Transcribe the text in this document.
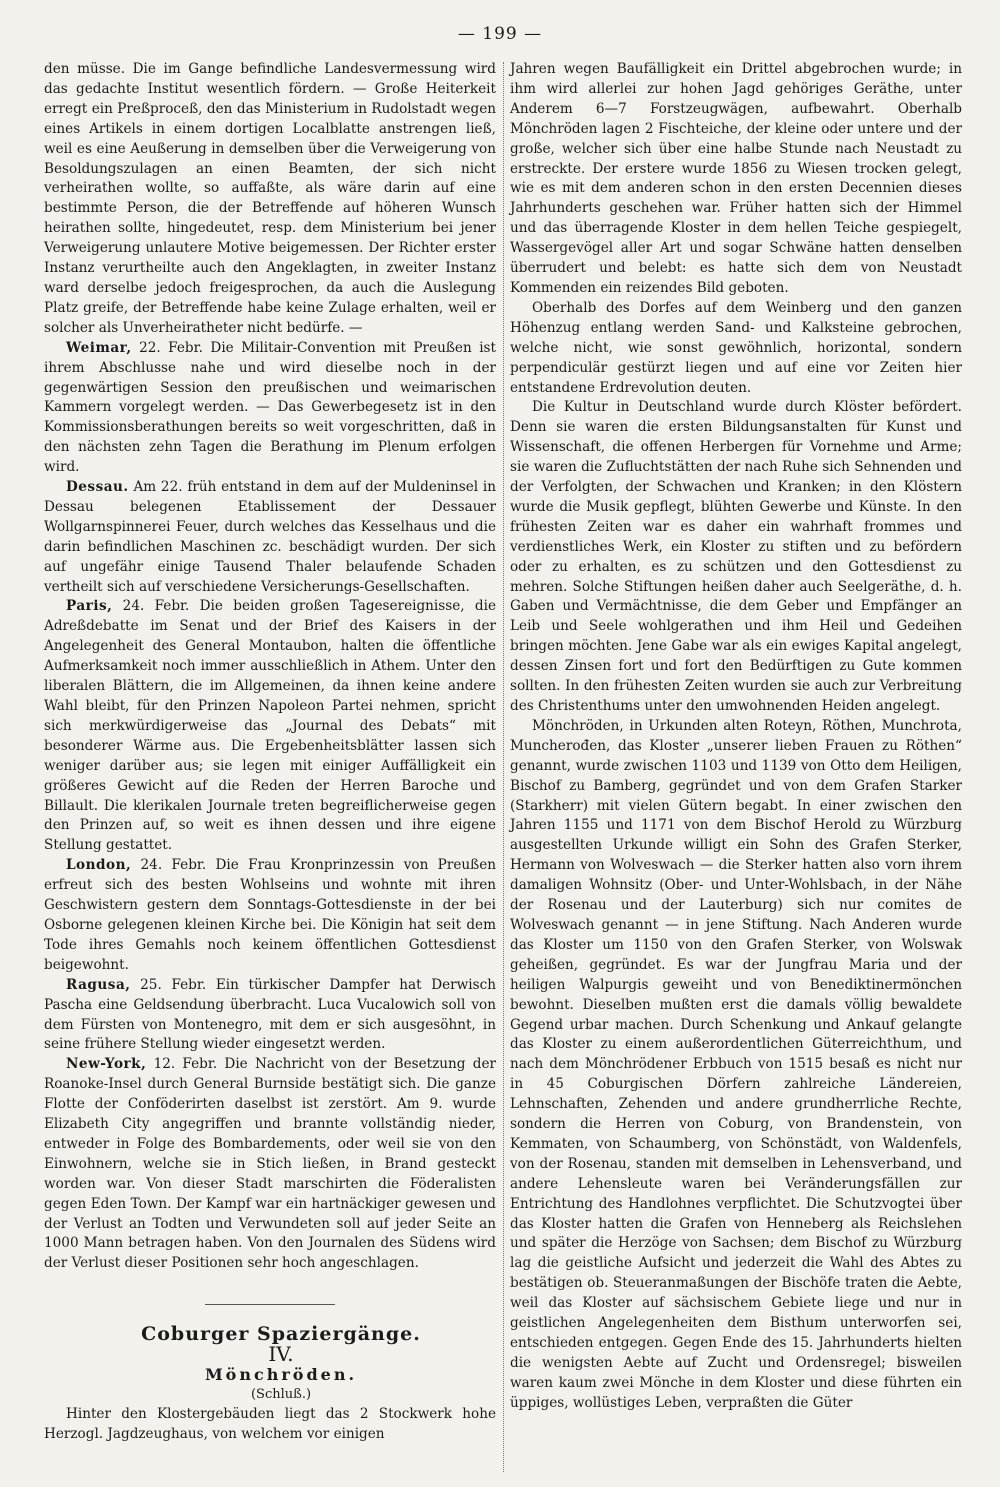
— 199 —

den müsse. Die im Gange befindliche Landesvermessung wird das gedachte Institut wesentlich fördern. — Große Heiterkeit erregt ein Preßproceß, den das Ministerium in Rudolstadt wegen eines Artikels in einem dortigen Localblatte anstrengen ließ, weil es eine Aeußerung in demselben über die Verweigerung von Besoldungszulagen an einen Beamten, der sich nicht verheirathen wollte, so auffaßte, als wäre darin auf eine bestimmte Person, die der Betreffende auf höheren Wunsch heirathen sollte, hingedeutet, resp. dem Ministerium bei jener Verweigerung unlautere Motive beigemessen. Der Richter erster Instanz verurtheilte auch den Angeklagten, in zweiter Instanz ward derselbe jedoch freigesprochen, da auch die Auslegung Platz greife, der Betreffende habe keine Zulage erhalten, weil er solcher als Unverheiratheter nicht bedürfe. —

Weimar, 22. Febr. Die Militair-Convention mit Preußen ist ihrem Abschlusse nahe und wird dieselbe noch in der gegenwärtigen Session den preußischen und weimarischen Kammern vorgelegt werden. — Das Gewerbegesetz ist in den Kommissionsberathungen bereits so weit vorgeschritten, daß in den nächsten zehn Tagen die Berathung im Plenum erfolgen wird.

Dessau. Am 22. früh entstand in dem auf der Muldeninsel in Dessau belegenen Etablissement der Dessauer Wollgarnspinnerei Feuer, durch welches das Kesselhaus und die darin befindlichen Maschinen zc. beschädigt wurden. Der sich auf ungefähr einige Tausend Thaler belaufende Schaden vertheilt sich auf verschiedene Versicherungs-Gesellschaften.

Paris, 24. Febr. Die beiden großen Tagesereignisse, die Adreßdebatte im Senat und der Brief des Kaisers in der Angelegenheit des General Montaubon, halten die öffentliche Aufmerksamkeit noch immer ausschließlich in Athem. Unter den liberalen Blättern, die im Allgemeinen, da ihnen keine andere Wahl bleibt, für den Prinzen Napoleon Partei nehmen, spricht sich merkwürdigerweise das „Journal des Debats“ mit besonderer Wärme aus. Die Ergebenheitsblätter lassen sich weniger darüber aus; sie legen mit einiger Auffälligkeit ein größeres Gewicht auf die Reden der Herren Baroche und Billault. Die klerikalen Journale treten begreiflicherweise gegen den Prinzen auf, so weit es ihnen dessen und ihre eigene Stellung gestattet.

London, 24. Febr. Die Frau Kronprinzessin von Preußen erfreut sich des besten Wohlseins und wohnte mit ihren Geschwistern gestern dem Sonntags-Gottesdienste in der bei Osborne gelegenen kleinen Kirche bei. Die Königin hat seit dem Tode ihres Gemahls noch keinem öffentlichen Gottesdienst beigewohnt.

Ragusa, 25. Febr. Ein türkischer Dampfer hat Derwisch Pascha eine Geldsendung überbracht. Luca Vucalowich soll von dem Fürsten von Montenegro, mit dem er sich ausgesöhnt, in seine frühere Stellung wieder eingesetzt werden.

New-York, 12. Febr. Die Nachricht von der Besetzung der Roanoke-Insel durch General Burnside bestätigt sich. Die ganze Flotte der Conföderirten daselbst ist zerstört. Am 9. wurde Elizabeth City angegriffen und brannte vollständig nieder, entweder in Folge des Bombardements, oder weil sie von den Einwohnern, welche sie in Stich ließen, in Brand gesteckt worden war. Von dieser Stadt marschirten die Föderalisten gegen Eden Town. Der Kampf war ein hartnäckiger gewesen und der Verlust an Todten und Verwundeten soll auf jeder Seite an 1000 Mann betragen haben. Von den Journalen des Südens wird der Verlust dieser Positionen sehr hoch angeschlagen.

Coburger Spaziergänge.

IV.

Mönchröden.

(Schluß.)

Hinter den Klostergebäuden liegt das 2 Stockwerk hohe Herzogl. Jagdzeughaus, von welchem vor einigen

Jahren wegen Baufälligkeit ein Drittel abgebrochen wurde; in ihm wird allerlei zur hohen Jagd gehöriges Geräthe, unter Anderem 6—7 Forstzeugwägen, aufbewahrt. Oberhalb Mönchröden lagen 2 Fischteiche, der kleine oder untere und der große, welcher sich über eine halbe Stunde nach Neustadt zu erstreckte. Der erstere wurde 1856 zu Wiesen trocken gelegt, wie es mit dem anderen schon in den ersten Decennien dieses Jahrhunderts geschehen war. Früher hatten sich der Himmel und das überragende Kloster in dem hellen Teiche gespiegelt, Wassergevögel aller Art und sogar Schwäne hatten denselben überrudert und belebt: es hatte sich dem von Neustadt Kommenden ein reizendes Bild geboten.

Oberhalb des Dorfes auf dem Weinberg und den ganzen Höhenzug entlang werden Sand- und Kalksteine gebrochen, welche nicht, wie sonst gewöhnlich, horizontal, sondern perpendiculär gestürzt liegen und auf eine vor Zeiten hier entstandene Erdrevolution deuten.

Die Kultur in Deutschland wurde durch Klöster befördert. Denn sie waren die ersten Bildungsanstalten für Kunst und Wissenschaft, die offenen Herbergen für Vornehme und Arme; sie waren die Zufluchtstätten der nach Ruhe sich Sehnenden und der Verfolgten, der Schwachen und Kranken; in den Klöstern wurde die Musik gepflegt, blühten Gewerbe und Künste. In den frühesten Zeiten war es daher ein wahrhaft frommes und verdienstliches Werk, ein Kloster zu stiften und zu befördern oder zu erhalten, es zu schützen und den Gottesdienst zu mehren. Solche Stiftungen heißen daher auch Seelgeräthe, d. h. Gaben und Vermächtnisse, die dem Geber und Empfänger an Leib und Seele wohlgerathen und ihm Heil und Gedeihen bringen möchten. Jene Gabe war als ein ewiges Kapital angelegt, dessen Zinsen fort und fort den Bedürftigen zu Gute kommen sollten. In den frühesten Zeiten wurden sie auch zur Verbreitung des Christenthums unter den umwohnenden Heiden angelegt.

Mönchröden, in Urkunden alten Roteyn, Röthen, Munchrota, Muncherođen, das Kloster „unserer lieben Frauen zu Röthen“ genannt, wurde zwischen 1103 und 1139 von Otto dem Heiligen, Bischof zu Bamberg, gegründet und von dem Grafen Starker (Starkherr) mit vielen Gütern begabt. In einer zwischen den Jahren 1155 und 1171 von dem Bischof Herold zu Würzburg ausgestellten Urkunde willigt ein Sohn des Grafen Sterker, Hermann von Wolveswach — die Sterker hatten also vorn ihrem damaligen Wohnsitz (Ober- und Unter-Wohlsbach, in der Nähe der Rosenau und der Lauterburg) sich nur comites de Wolveswach genannt — in jene Stiftung. Nach Anderen wurde das Kloster um 1150 von den Grafen Sterker, von Wolswak geheißen, gegründet. Es war der Jungfrau Maria und der heiligen Walpurgis geweiht und von Benediktinermönchen bewohnt. Dieselben mußten erst die damals völlig bewaldete Gegend urbar machen. Durch Schenkung und Ankauf gelangte das Kloster zu einem außerordentlichen Güterreichthum, und nach dem Mönchrödener Erbbuch von 1515 besaß es nicht nur in 45 Coburgischen Dörfern zahlreiche Ländereien, Lehnschaften, Zehenden und andere grundherrliche Rechte, sondern die Herren von Coburg, von Brandenstein, von Kemmaten, von Schaumberg, von Schönstädt, von Waldenfels, von der Rosenau, standen mit demselben in Lehensverband, und andere Lehensleute waren bei Veränderungsfällen zur Entrichtung des Handlohnes verpflichtet. Die Schutzvogtei über das Kloster hatten die Grafen von Henneberg als Reichslehen und später die Herzöge von Sachsen; dem Bischof zu Würzburg lag die geistliche Aufsicht und jederzeit die Wahl des Abtes zu bestätigen ob. Steueranmaßungen der Bischöfe traten die Aebte, weil das Kloster auf sächsischem Gebiete liege und nur in geistlichen Angelegenheiten dem Bisthum unterworfen sei, entschieden entgegen. Gegen Ende des 15. Jahrhunderts hielten die wenigsten Aebte auf Zucht und Ordensregel; bisweilen waren kaum zwei Mönche in dem Kloster und diese führten ein üppiges, wollüstiges Leben, verpraßten die Güter
